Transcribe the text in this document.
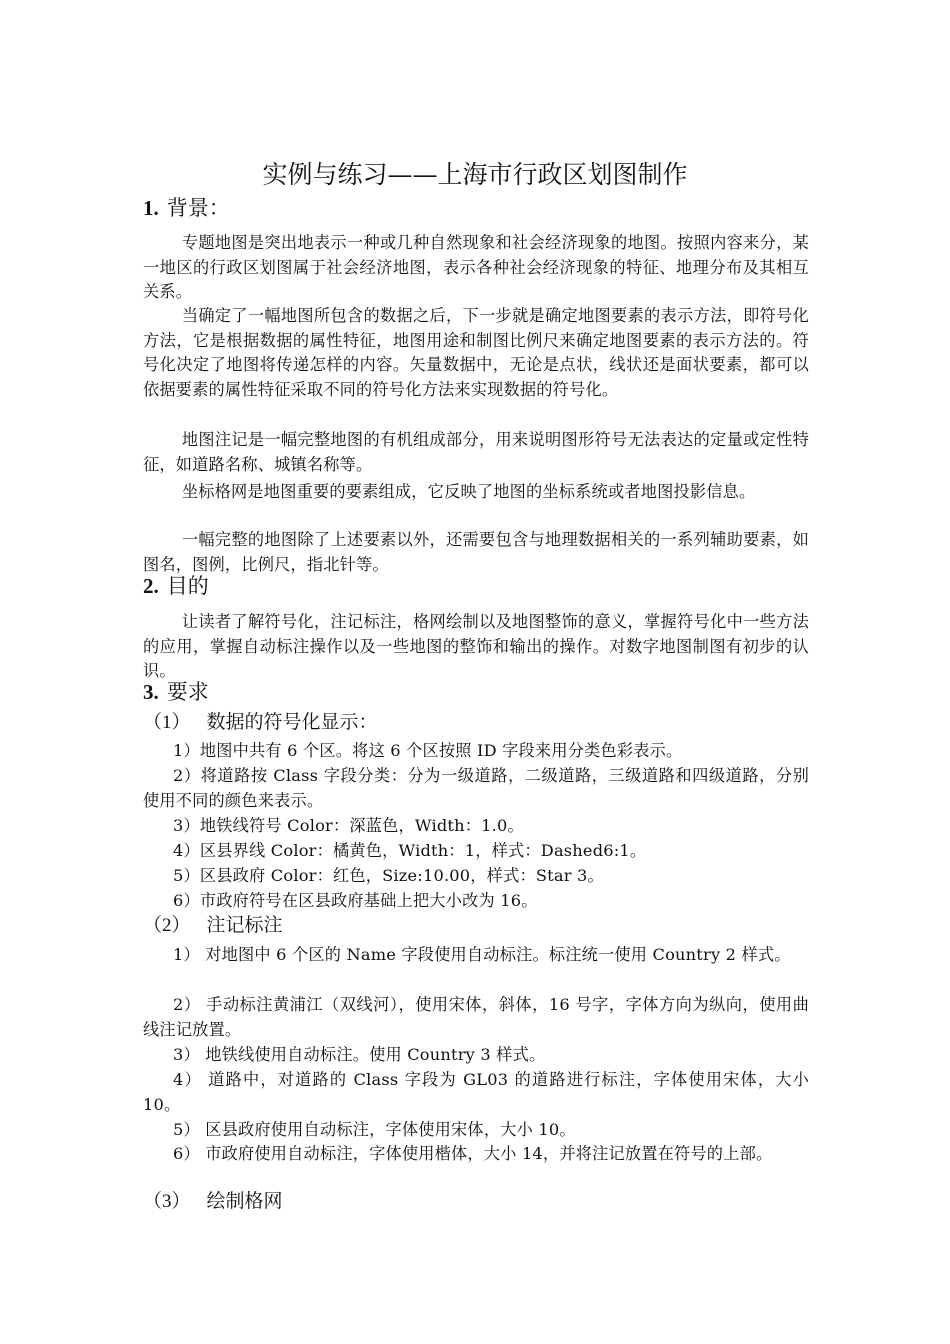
实例与练习——上海市行政区划图制作
1. 背景：
专题地图是突出地表示一种或几种自然现象和社会经济现象的地图。按照内容来分，某一地区的行政区划图属于社会经济地图，表示各种社会经济现象的特征、地理分布及其相互关系。
当确定了一幅地图所包含的数据之后，下一步就是确定地图要素的表示方法，即符号化方法，它是根据数据的属性特征，地图用途和制图比例尺来确定地图要素的表示方法的。符号化决定了地图将传递怎样的内容。矢量数据中，无论是点状，线状还是面状要素，都可以依据要素的属性特征采取不同的符号化方法来实现数据的符号化。
地图注记是一幅完整地图的有机组成部分，用来说明图形符号无法表达的定量或定性特征，如道路名称、城镇名称等。
坐标格网是地图重要的要素组成，它反映了地图的坐标系统或者地图投影信息。
一幅完整的地图除了上述要素以外，还需要包含与地理数据相关的一系列辅助要素，如图名，图例，比例尺，指北针等。
2. 目的
让读者了解符号化，注记标注，格网绘制以及地图整饰的意义，掌握符号化中一些方法的应用，掌握自动标注操作以及一些地图的整饰和输出的操作。对数字地图制图有初步的认识。
3. 要求
（1） 数据的符号化显示：
1）地图中共有 6 个区。将这 6 个区按照 ID 字段来用分类色彩表示。
2）将道路按 Class 字段分类：分为一级道路，二级道路，三级道路和四级道路，分别使用不同的颜色来表示。
3）地铁线符号 Color：深蓝色，Width：1.0。
4）区县界线 Color：橘黄色，Width：1，样式：Dashed6:1。
5）区县政府 Color：红色，Size:10.00，样式：Star 3。
6）市政府符号在区县政府基础上把大小改为 16。
（2） 注记标注
1） 对地图中 6 个区的 Name 字段使用自动标注。标注统一使用 Country 2 样式。
2） 手动标注黄浦江（双线河），使用宋体，斜体，16 号字，字体方向为纵向，使用曲线注记放置。
3） 地铁线使用自动标注。使用 Country 3 样式。
4） 道路中，对道路的 Class 字段为 GL03 的道路进行标注，字体使用宋体，大小 10。
5） 区县政府使用自动标注，字体使用宋体，大小 10。
6） 市政府使用自动标注，字体使用楷体，大小 14，并将注记放置在符号的上部。
（3） 绘制格网
